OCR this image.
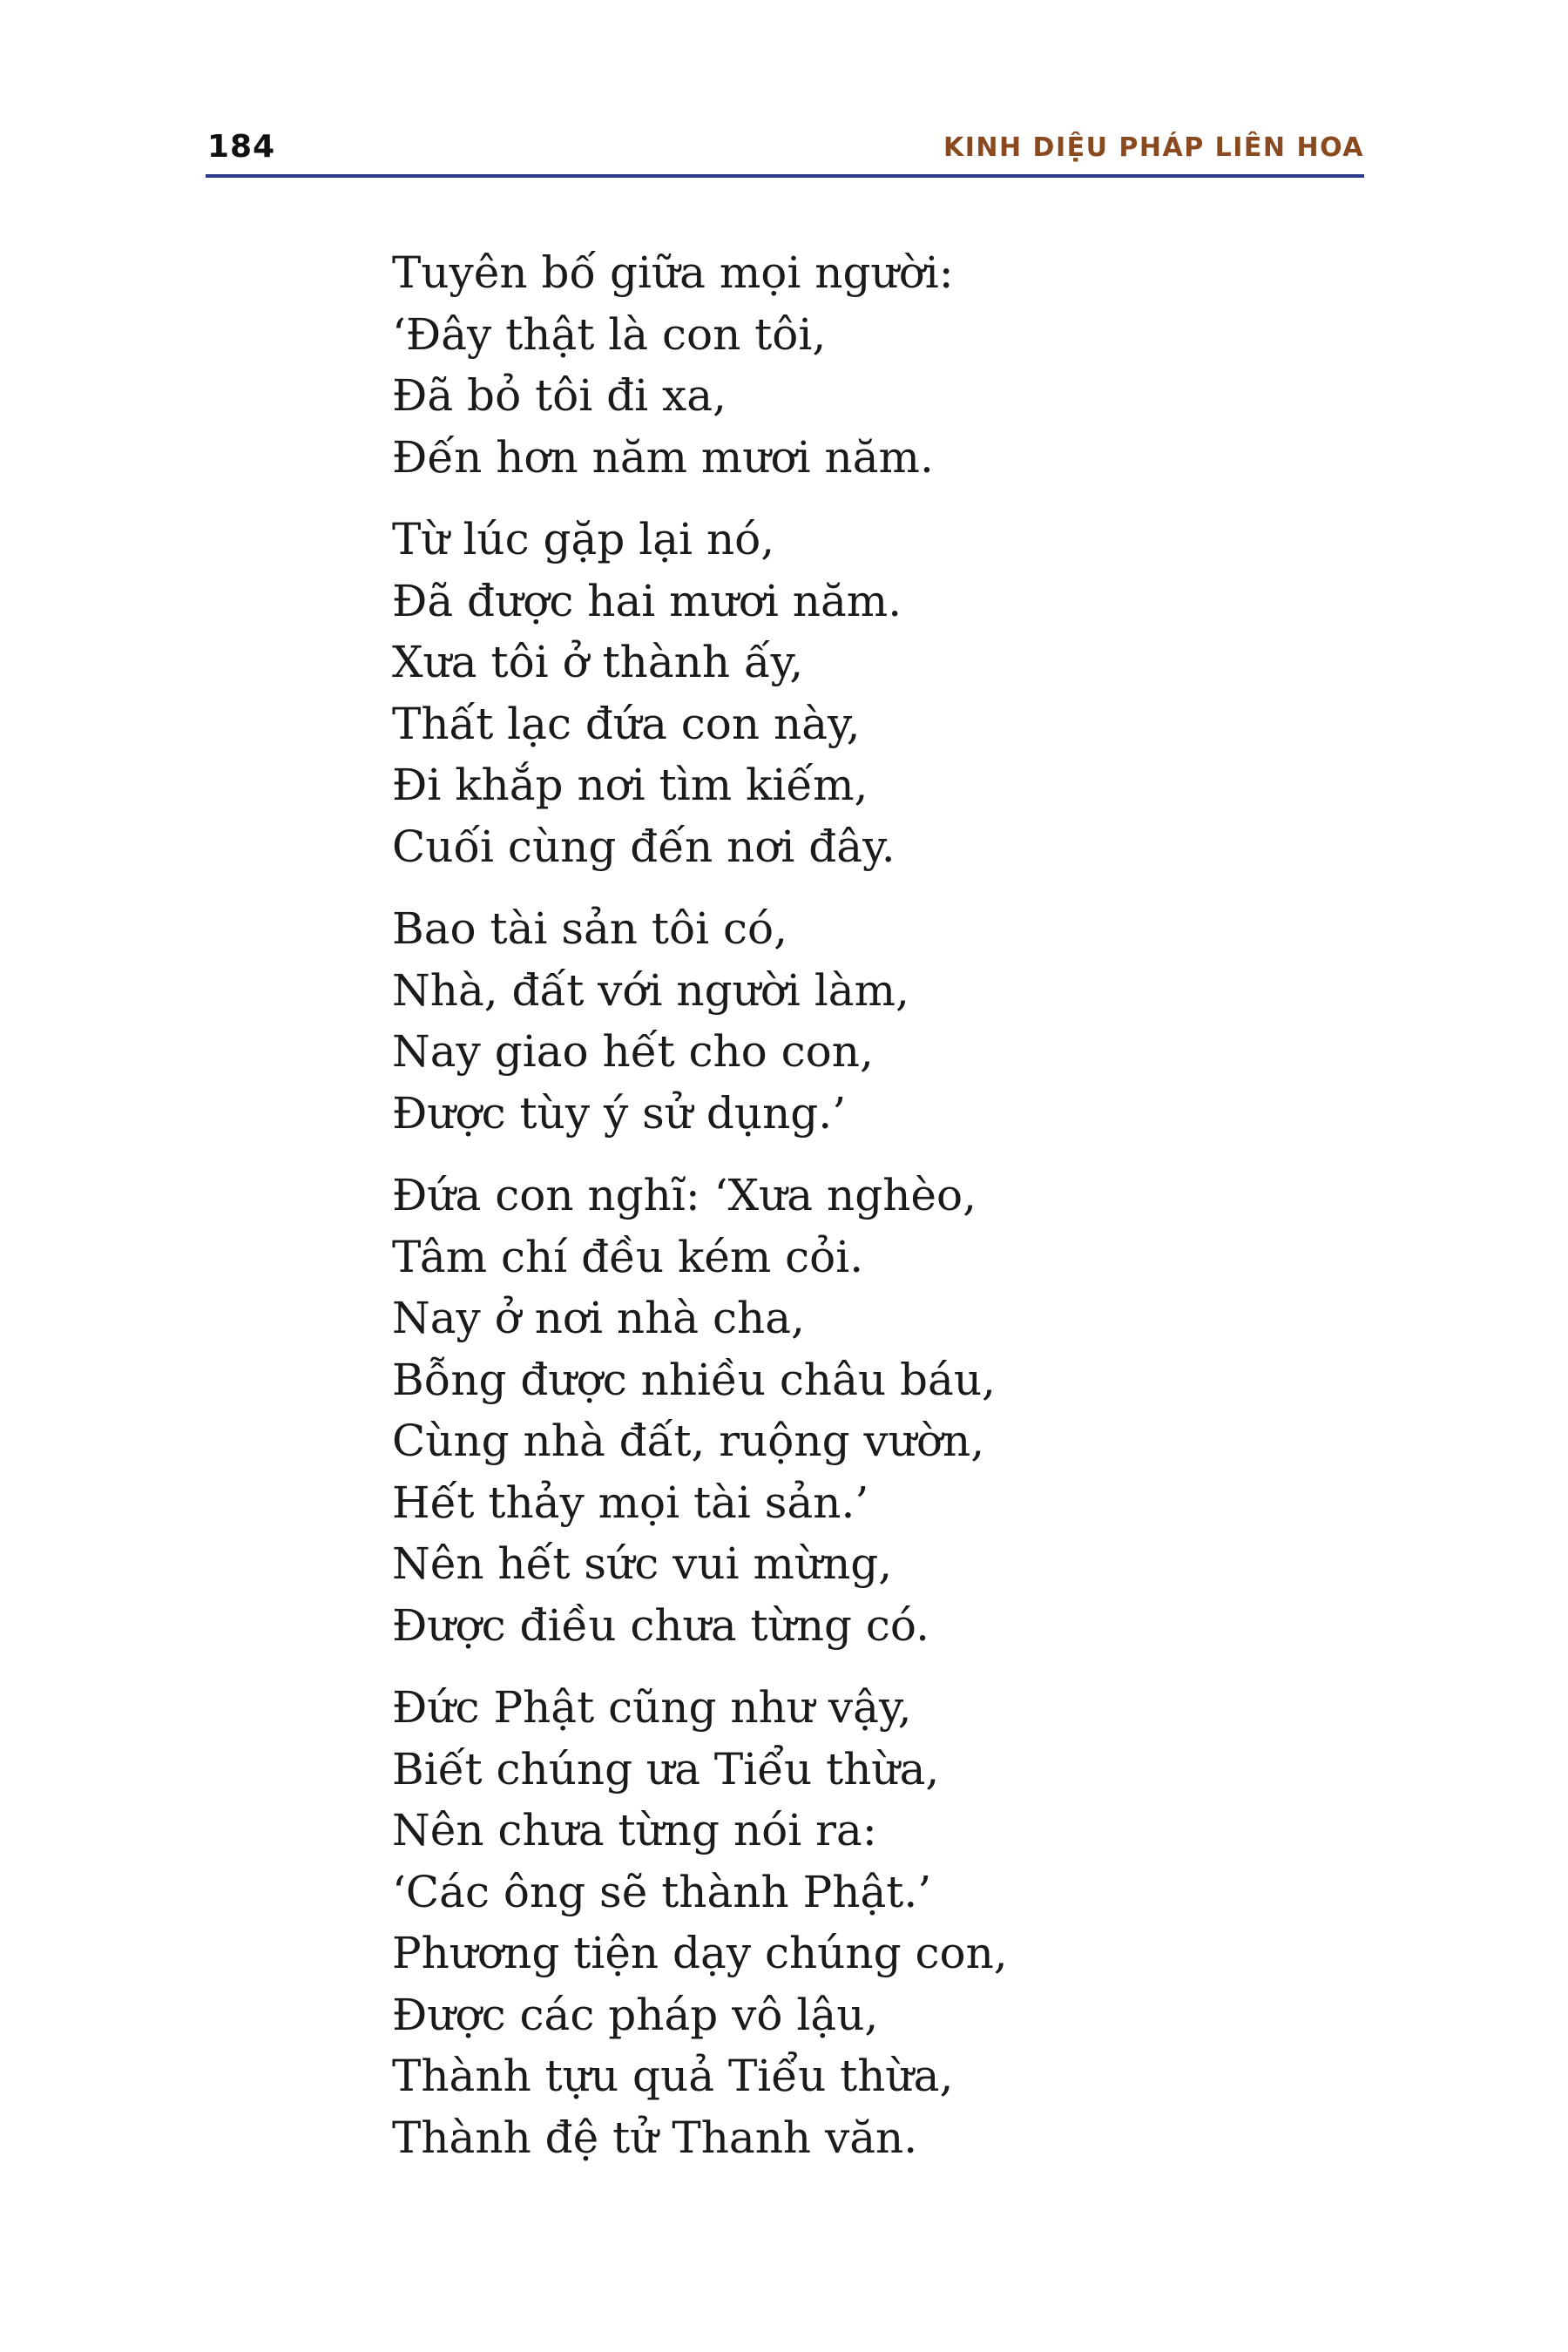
184	KINH DIỆU PHÁP LIÊN HOA
Tuyên bố giữa mọi người:
‘Đây thật là con tôi,
Đã bỏ tôi đi xa,
Đến hơn năm mươi năm.
Từ lúc gặp lại nó,
Đã được hai mươi năm.
Xưa tôi ở thành ấy,
Thất lạc đứa con này,
Đi khắp nơi tìm kiếm,
Cuối cùng đến nơi đây.
Bao tài sản tôi có,
Nhà, đất với người làm,
Nay giao hết cho con,
Được tùy ý sử dụng.’
Đứa con nghĩ: ‘Xưa nghèo,
Tâm chí đều kém cỏi.
Nay ở nơi nhà cha,
Bỗng được nhiều châu báu,
Cùng nhà đất, ruộng vườn,
Hết thảy mọi tài sản.’
Nên hết sức vui mừng,
Được điều chưa từng có.
Đức Phật cũng như vậy,
Biết chúng ưa Tiểu thừa,
Nên chưa từng nói ra:
‘Các ông sẽ thành Phật.’
Phương tiện dạy chúng con,
Được các pháp vô lậu,
Thành tựu quả Tiểu thừa,
Thành đệ tử Thanh văn.
